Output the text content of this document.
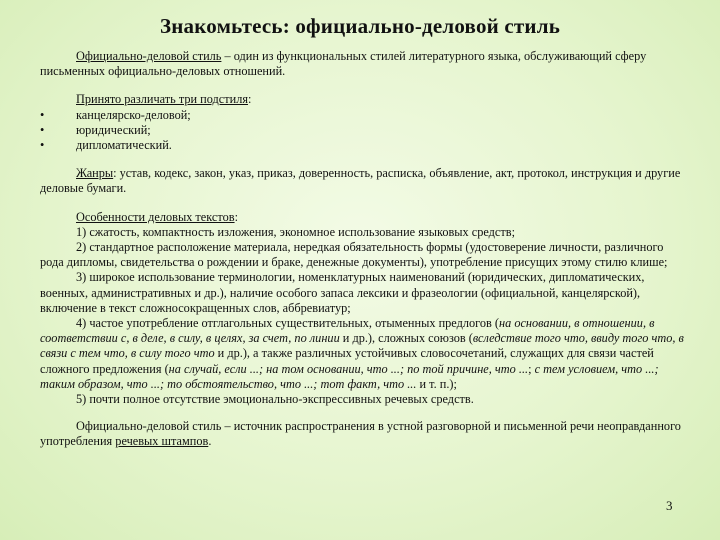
Знакомьтесь: официально-деловой стиль

Официально-деловой стиль – один из функциональных стилей литературного языка, обслуживающий сферу письменных официально-деловых отношений.

Принято различать три подстиля:

•	канцелярско-деловой;
•	юридический;
•	дипломатический.

Жанры: устав, кодекс, закон, указ, приказ, доверенность, расписка, объявление, акт, протокол, инструкция и другие деловые бумаги.

Особенности деловых текстов:

1) сжатость, компактность изложения, экономное использование языковых средств;

2) стандартное расположение материала, нередкая обязательность формы (удостоверение личности, различного рода дипломы, свидетельства о рождении и браке, денежные документы), употребление присущих этому стилю клише;

3) широкое использование терминологии, номенклатурных наименований (юридических, дипломатических, военных, административных и др.), наличие особого запаса лексики и фразеологии (официальной, канцелярской), включение в текст сложносокращенных слов, аббревиатур;

4) частое употребление отглагольных существительных, отыменных предлогов (на основании, в отношении, в соответствии с, в деле, в силу, в целях, за счет, по линии и др.), сложных союзов (вследствие того что, ввиду того что, в связи с тем что, в силу того что и др.), а также различных устойчивых словосочетаний, служащих для связи частей сложного предложения (на случай, если ...; на том основании, что ...; по той причине, что ...; с тем условием, что ...; таким образом, что ...; то обстоятельство, что ...; тот факт, что ... и т. п.);

5) почти полное отсутствие эмоционально-экспрессивных речевых средств.

Официально-деловой стиль – источник распространения в устной разговорной и письменной речи неоправданного употребления речевых штампов.

3
